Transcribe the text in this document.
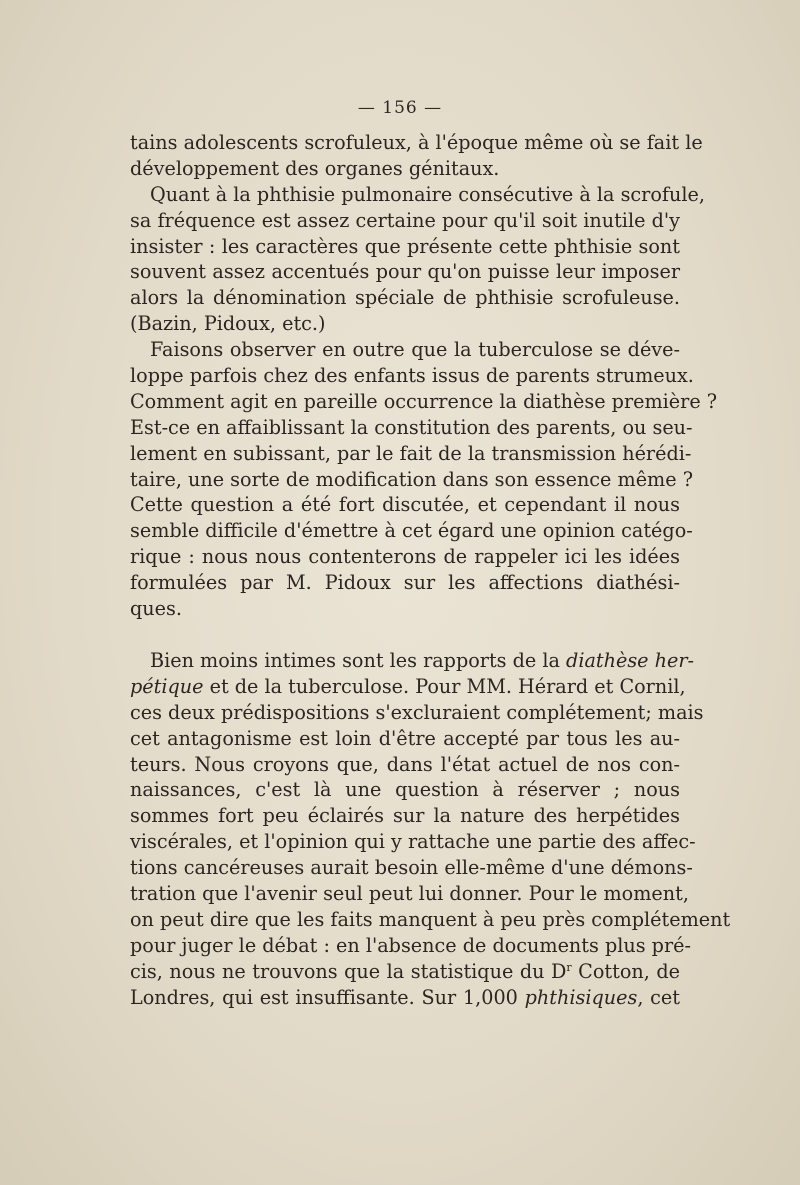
— 156 —
tains adolescents scrofuleux, à l'époque même où se fait le
développement des organes génitaux.
Quant à la phthisie pulmonaire consécutive à la scrofule,
sa fréquence est assez certaine pour qu'il soit inutile d'y
insister : les caractères que présente cette phthisie sont
souvent assez accentués pour qu'on puisse leur imposer
alors la dénomination spéciale de phthisie scrofuleuse.
(Bazin, Pidoux, etc.)
Faisons observer en outre que la tuberculose se déve-
loppe parfois chez des enfants issus de parents strumeux.
Comment agit en pareille occurrence la diathèse première ?
Est-ce en affaiblissant la constitution des parents, ou seu-
lement en subissant, par le fait de la transmission hérédi-
taire, une sorte de modification dans son essence même ?
Cette question a été fort discutée, et cependant il nous
semble difficile d'émettre à cet égard une opinion catégo-
rique : nous nous contenterons de rappeler ici les idées
formulées par M. Pidoux sur les affections diathési-
ques.
Bien moins intimes sont les rapports de la diathèse her-
pétique et de la tuberculose. Pour MM. Hérard et Cornil,
ces deux prédispositions s'excluraient complétement; mais
cet antagonisme est loin d'être accepté par tous les au-
teurs. Nous croyons que, dans l'état actuel de nos con-
naissances, c'est là une question à réserver ; nous
sommes fort peu éclairés sur la nature des herpétides
viscérales, et l'opinion qui y rattache une partie des affec-
tions cancéreuses aurait besoin elle-même d'une démons-
tration que l'avenir seul peut lui donner. Pour le moment,
on peut dire que les faits manquent à peu près complétement
pour juger le débat : en l'absence de documents plus pré-
cis, nous ne trouvons que la statistique du $D^r$ Cotton, de
Londres, qui est insuffisante. Sur 1,000 phthisiques, cet
